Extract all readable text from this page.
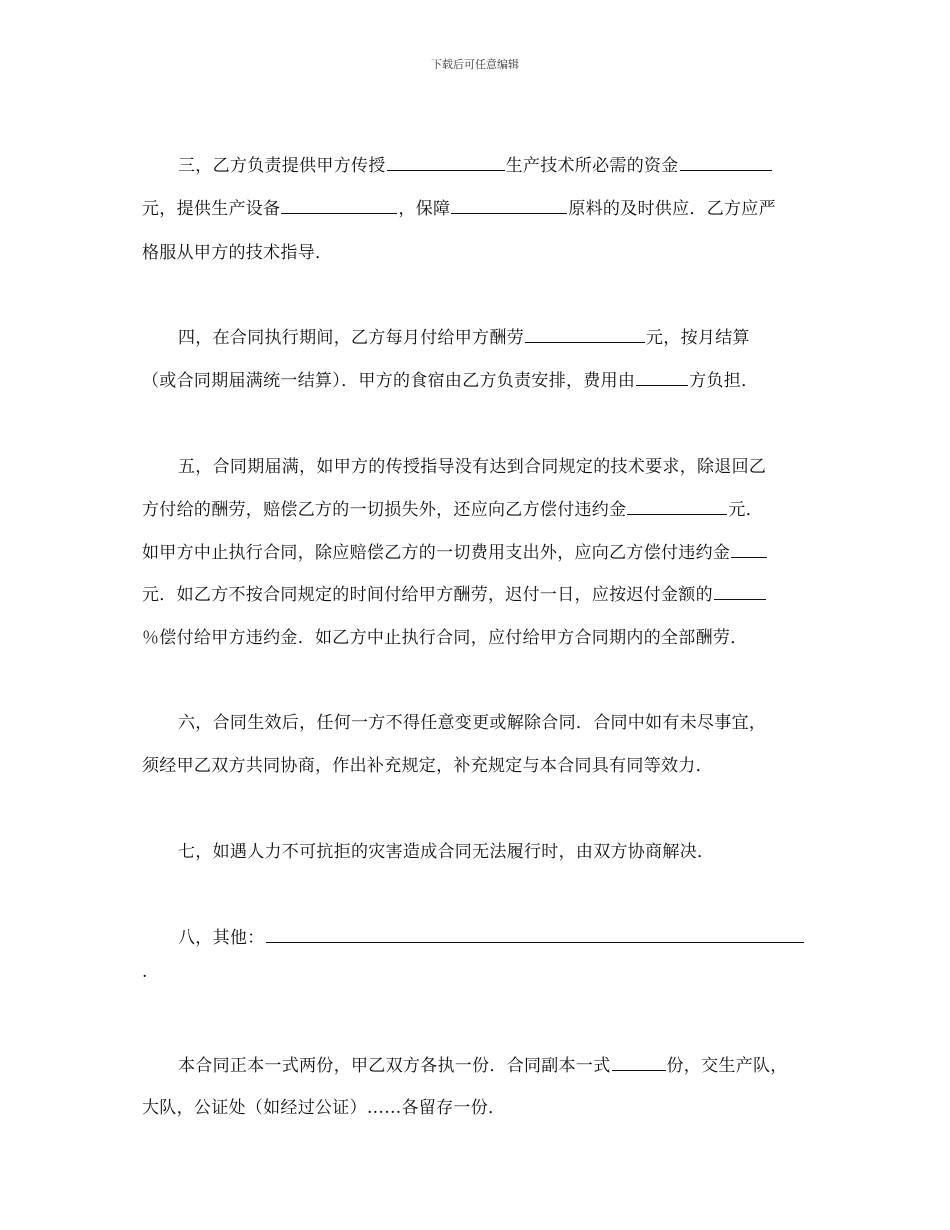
下载后可任意编辑
三，乙方负责提供甲方传授	生产技术所必需的资金
元，提供生产设备	，保障	原料的及时供应．乙方应严
格服从甲方的技术指导．
四，在合同执行期间，乙方每月付给甲方酬劳	元，按月结算
（或合同期届满统一结算）．甲方的食宿由乙方负责安排，费用由	方负担．
五，合同期届满，如甲方的传授指导没有达到合同规定的技术要求，除退回乙
方付给的酬劳，赔偿乙方的一切损失外，还应向乙方偿付违约金	元．
如甲方中止执行合同，除应赔偿乙方的一切费用支出外，应向乙方偿付违约金
元．如乙方不按合同规定的时间付给甲方酬劳，迟付一日，应按迟付金额的
％偿付给甲方违约金．如乙方中止执行合同，应付给甲方合同期内的全部酬劳．
六，合同生效后，任何一方不得任意变更或解除合同．合同中如有未尽事宜，
须经甲乙双方共同协商，作出补充规定，补充规定与本合同具有同等效力．
七，如遇人力不可抗拒的灾害造成合同无法履行时，由双方协商解决．
八，其他：
.
本合同正本一式两份，甲乙双方各执一份．合同副本一式	份，交生产队，
大队，公证处（如经过公证）……各留存一份．
